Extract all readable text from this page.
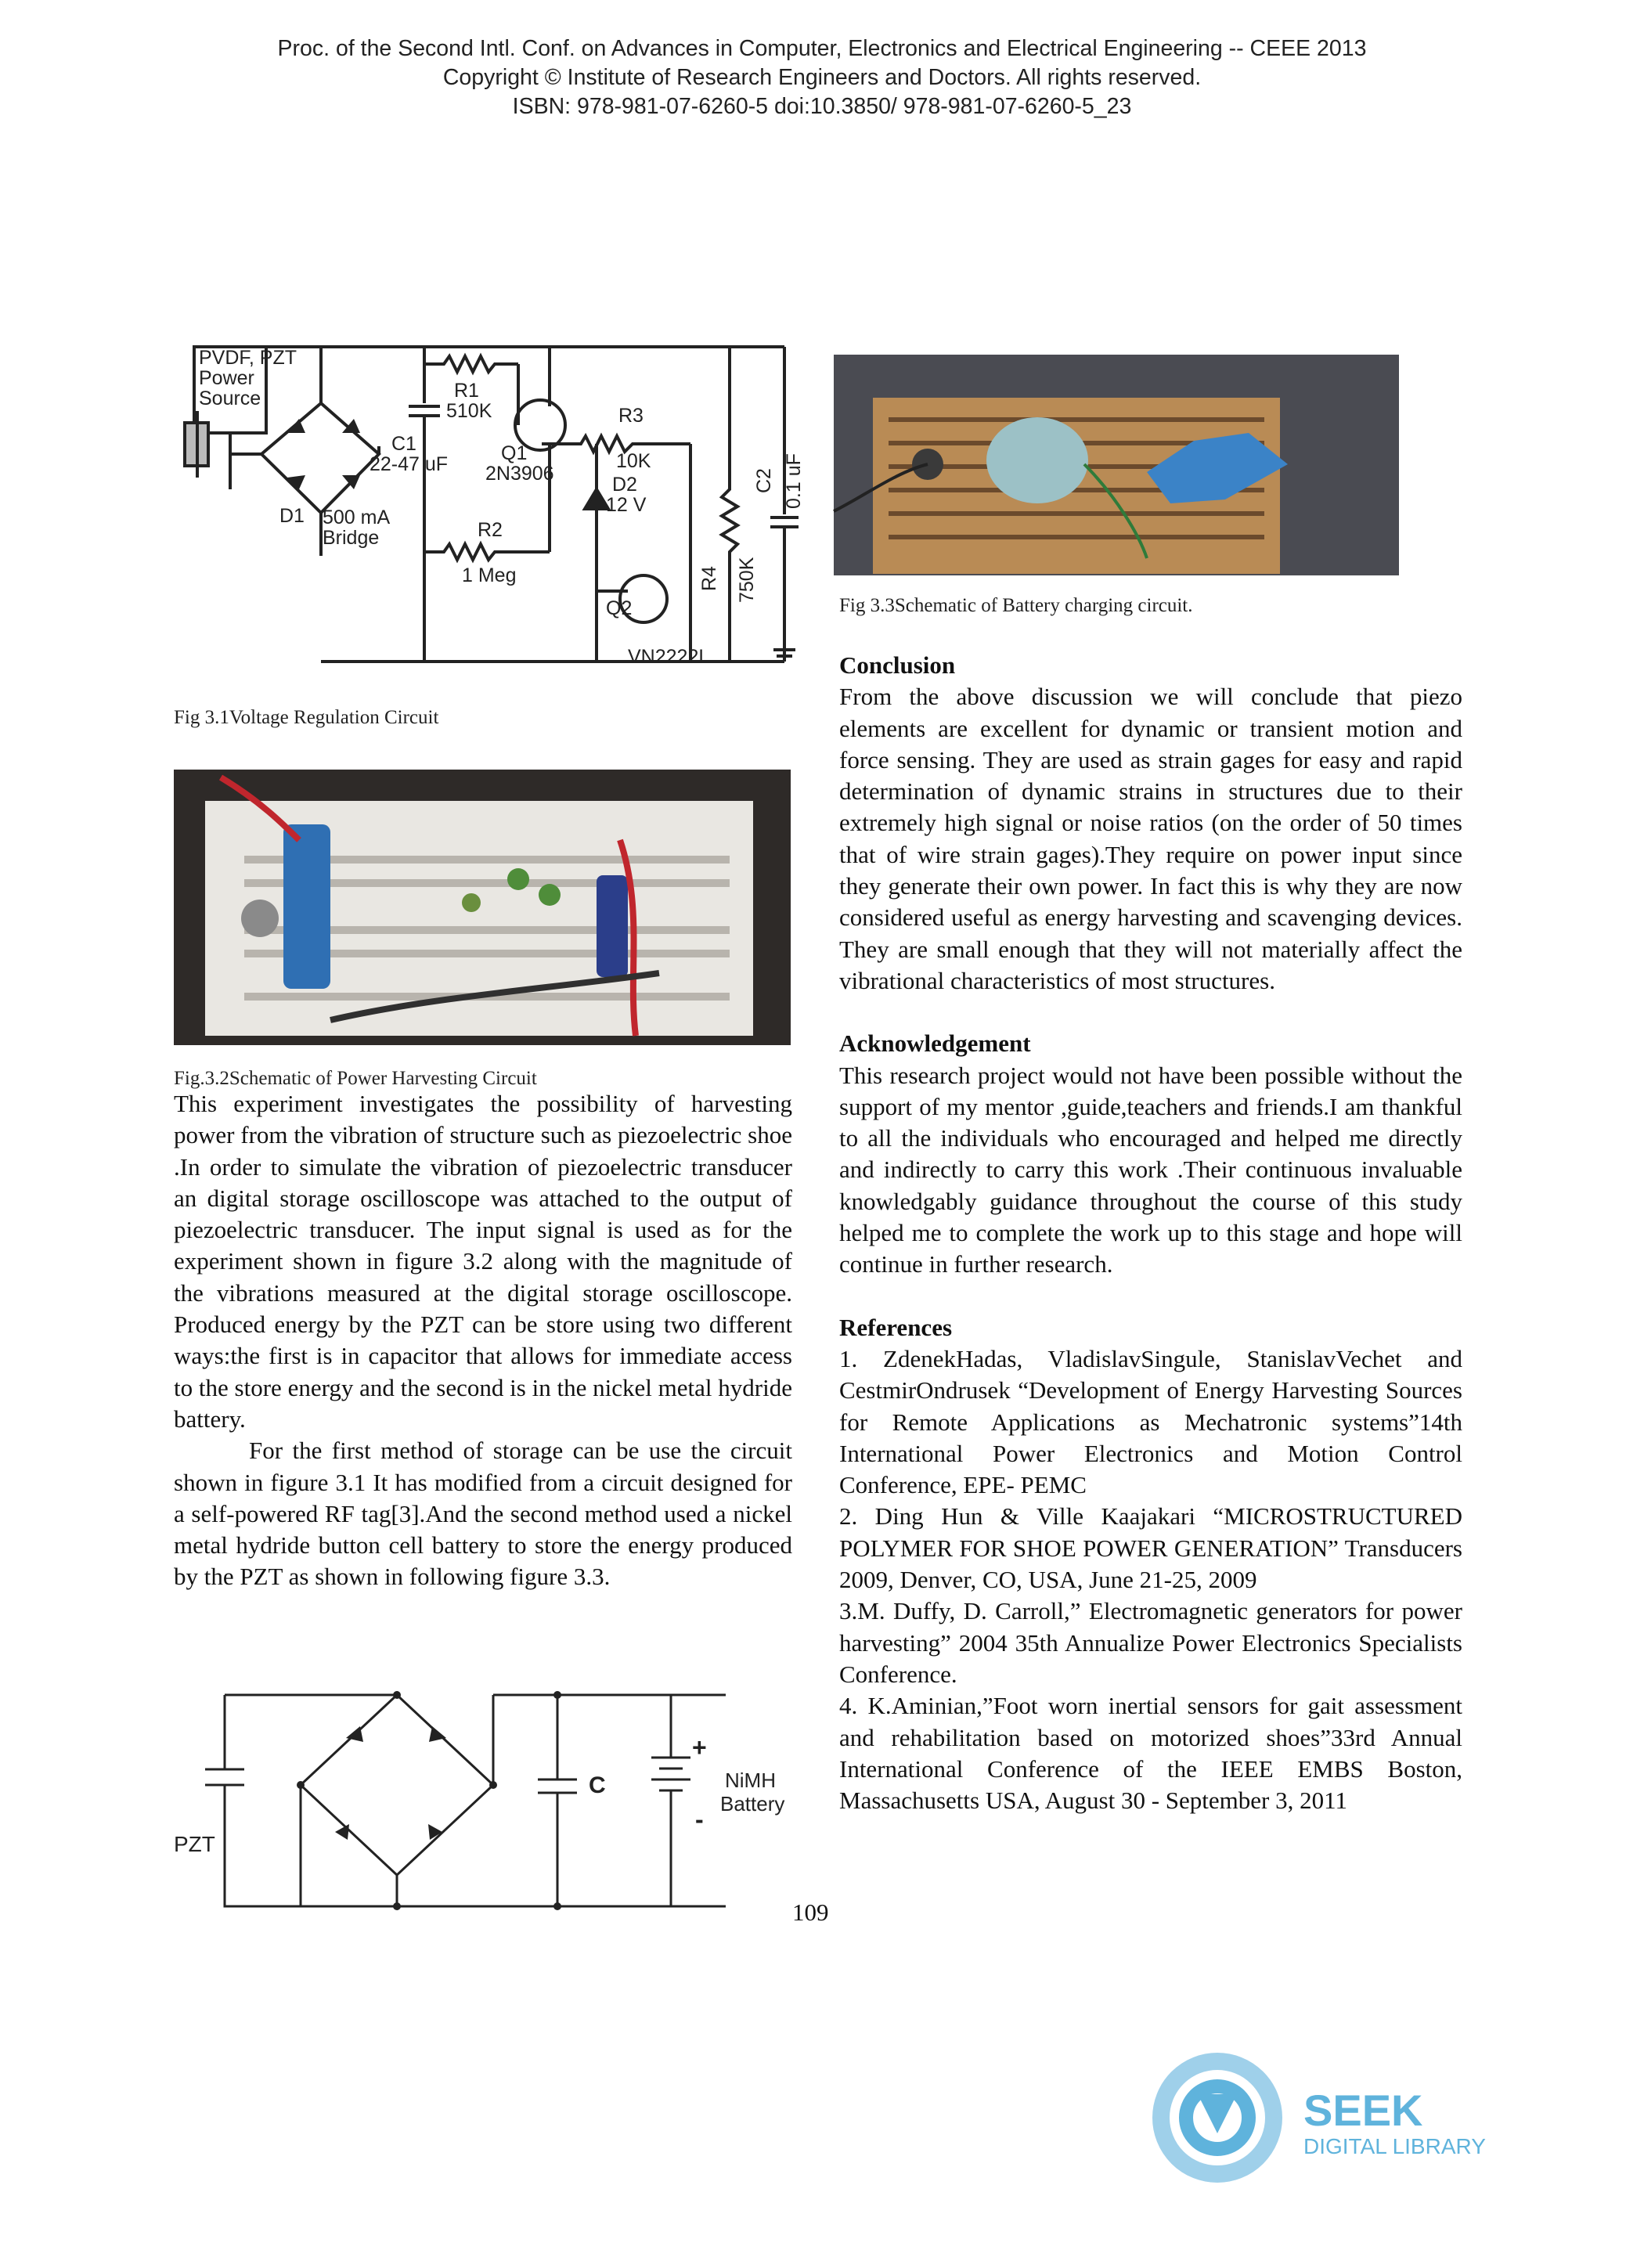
Proc. of the Second Intl. Conf. on Advances in Computer, Electronics and Electrical Engineering -- CEEE 2013
Copyright © Institute of Research Engineers and Doctors. All rights reserved.
ISBN: 978-981-07-6260-5 doi:10.3850/ 978-981-07-6260-5_23
PVDF, PZT
Power
Source	R1
510K
Q1
2N3906
R3
10K
C1
22-47 uF
D2
12 V
D1 500 mA
Bridge	R2
1 Meg
Q2
VN2222L
R4 750K
C2 0.1 uF
Fig 3.1Voltage Regulation Circuit
Fig.3.2Schematic of Power Harvesting Circuit

This experiment investigates the possibility of harvesting power from the vibration of structure such as piezoelectric shoe .In order to simulate the vibration of piezoelectric transducer an digital storage oscilloscope was attached to the output of piezoelectric transducer. The input signal is used as for the experiment shown in figure 3.2 along with the magnitude of the vibrations measured at the digital storage oscilloscope. Produced energy by the PZT can be store using two different ways:the first is in capacitor that allows for immediate access to the store energy and the second is in the nickel metal hydride battery.

For the first method of storage can be use the circuit shown in figure 3.1 It has modified from a circuit designed for a self-powered RF tag[3].And the second method used a nickel metal hydride button cell battery to store the energy produced by the PZT as shown in following figure 3.3.

PZT
C
+
-
NiMH
Battery
Fig 3.3Schematic of Battery charging circuit.

Conclusion

From the above discussion we will conclude that piezo elements are excellent for dynamic or transient motion and force sensing. They are used as strain gages for easy and rapid determination of dynamic strains in structures due to their extremely high signal or noise ratios (on the order of 50 times that of wire strain gages).They require on power input since they generate their own power. In fact this is why they are now considered useful as energy harvesting and scavenging devices. They are small enough that they will not materially affect the vibrational characteristics of most structures.

Acknowledgement

This research project would not have been possible without the support of my mentor ,guide,teachers and friends.I am thankful to all the individuals who encouraged and helped me directly and indirectly to carry this work .Their continuous invaluable knowledgably guidance throughout the course of this study helped me to complete the work up to this stage and hope will continue in further research.

References

1. ZdenekHadas, VladislavSingule, StanislavVechet and CestmirOndrusek “Development of Energy Harvesting Sources for Remote Applications as Mechatronic systems”14th International Power Electronics and Motion Control Conference, EPE- PEMC

2. Ding Hun & Ville Kaajakari “MICROSTRUCTURED POLYMER FOR SHOE POWER GENERATION” Transducers 2009, Denver, CO, USA, June 21-25, 2009

3.M. Duffy, D. Carroll,” Electromagnetic generators for power harvesting” 2004 35th Annualize Power Electronics Specialists Conference.

4. K.Aminian,”Foot worn inertial sensors for gait assessment and rehabilitation based on motorized shoes”33rd Annual International Conference of the IEEE EMBS Boston, Massachusetts USA, August 30 - September 3, 2011

109
SEEK
DIGITAL LIBRARY
